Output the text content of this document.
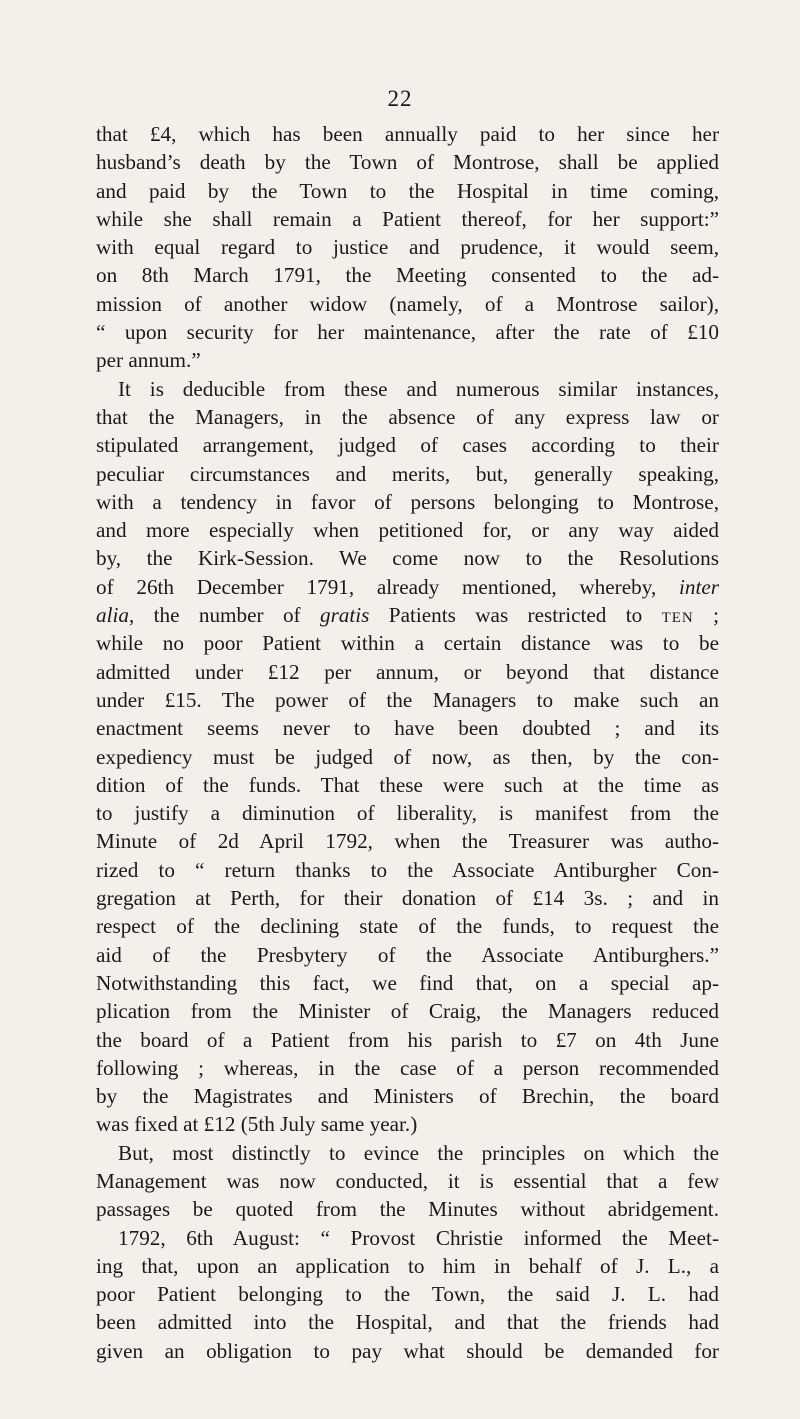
22
that £4, which has been annually paid to her since her
husband’s death by the Town of Montrose, shall be applied
and paid by the Town to the Hospital in time coming,
while she shall remain a Patient thereof, for her support:”
with equal regard to justice and prudence, it would seem,
on 8th March 1791, the Meeting consented to the ad-
mission of another widow (namely, of a Montrose sailor),
“ upon security for her maintenance, after the rate of £10
per annum.”
It is deducible from these and numerous similar instances,
that the Managers, in the absence of any express law or
stipulated arrangement, judged of cases according to their
peculiar circumstances and merits, but, generally speaking,
with a tendency in favor of persons belonging to Montrose,
and more especially when petitioned for, or any way aided
by, the Kirk-Session. We come now to the Resolutions
of 26th December 1791, already mentioned, whereby, inter
alia, the number of gratis Patients was restricted to TEN ;
while no poor Patient within a certain distance was to be
admitted under £12 per annum, or beyond that distance
under £15. The power of the Managers to make such an
enactment seems never to have been doubted ; and its
expediency must be judged of now, as then, by the con-
dition of the funds. That these were such at the time as
to justify a diminution of liberality, is manifest from the
Minute of 2d April 1792, when the Treasurer was autho-
rized to “ return thanks to the Associate Antiburgher Con-
gregation at Perth, for their donation of £14 3s. ; and in
respect of the declining state of the funds, to request the
aid of the Presbytery of the Associate Antiburghers.”
Notwithstanding this fact, we find that, on a special ap-
plication from the Minister of Craig, the Managers reduced
the board of a Patient from his parish to £7 on 4th June
following ; whereas, in the case of a person recommended
by the Magistrates and Ministers of Brechin, the board
was fixed at £12 (5th July same year.)
But, most distinctly to evince the principles on which the
Management was now conducted, it is essential that a few
passages be quoted from the Minutes without abridgement.
1792, 6th August: “ Provost Christie informed the Meet-
ing that, upon an application to him in behalf of J. L., a
poor Patient belonging to the Town, the said J. L. had
been admitted into the Hospital, and that the friends had
given an obligation to pay what should be demanded for
